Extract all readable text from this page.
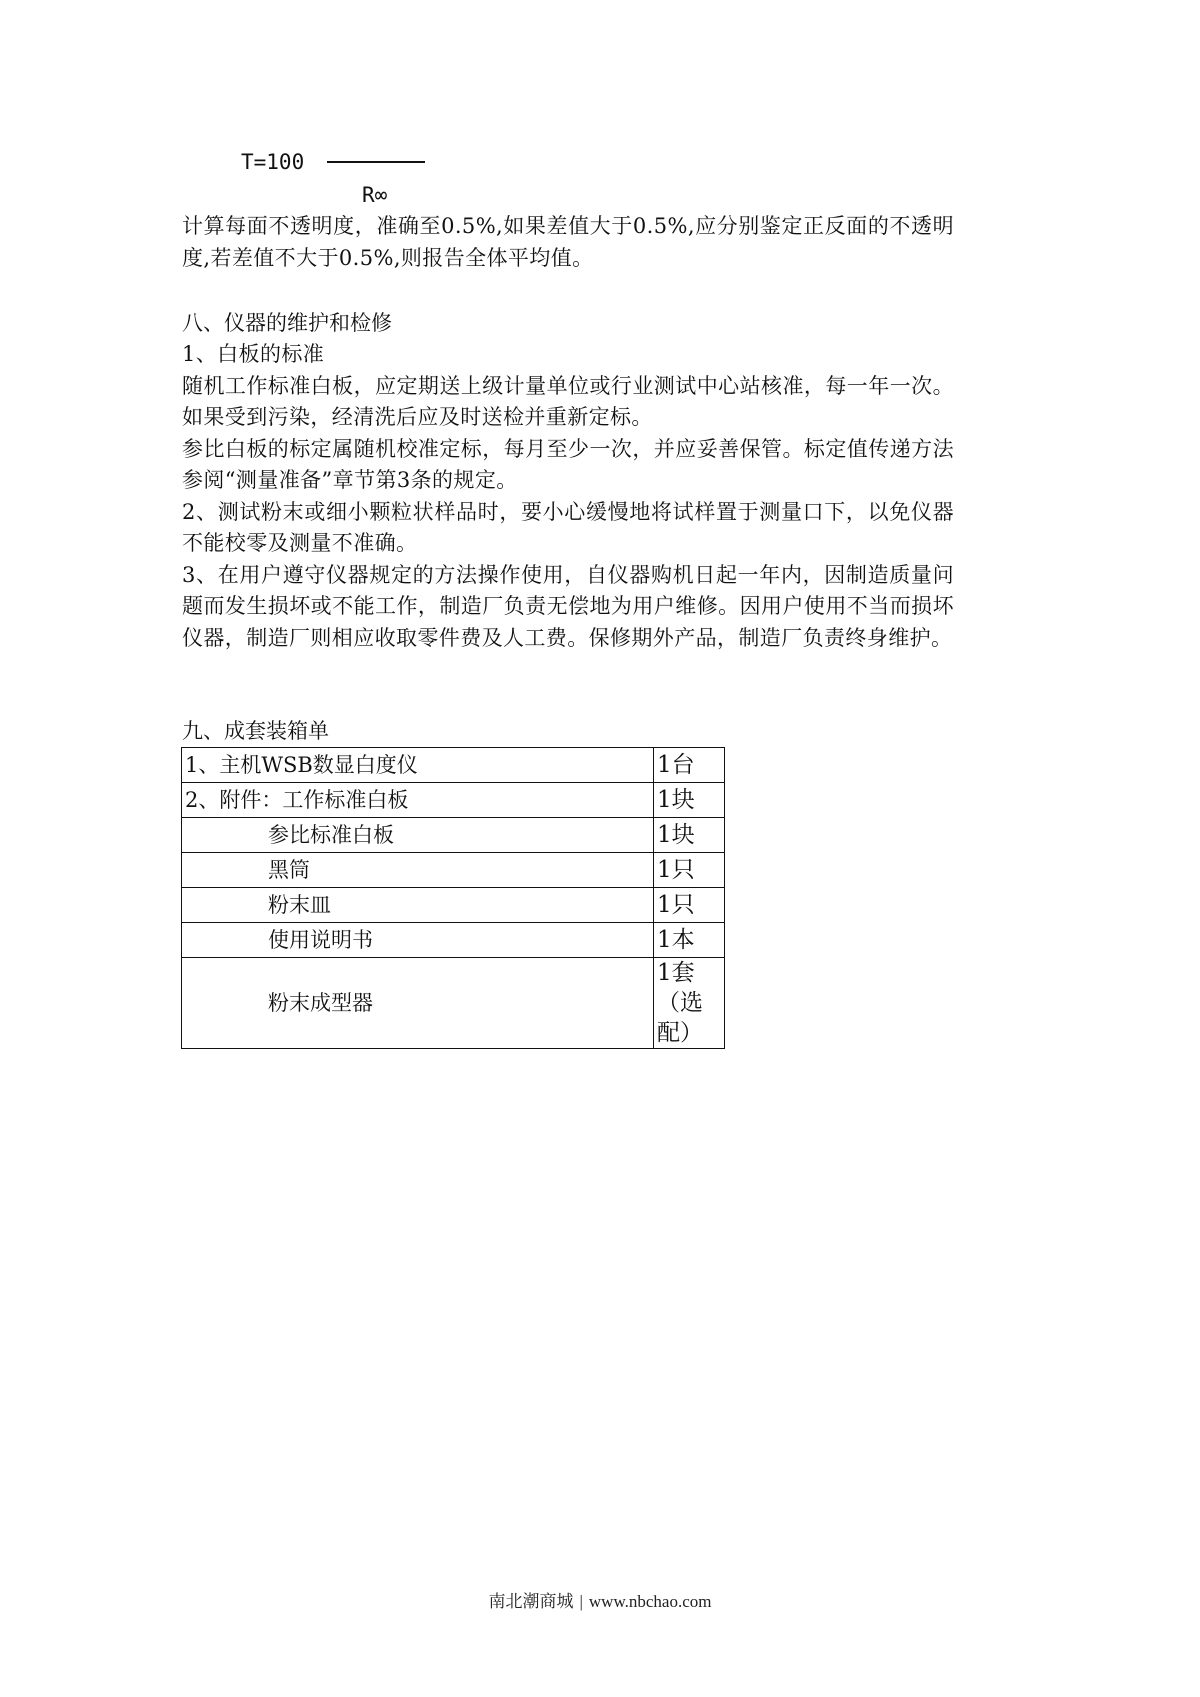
T=100
R∞

计算每面不透明度，准确至0.5%,如果差值大于0.5%,应分别鉴定正反面的不透明度,若差值不大于0.5%,则报告全体平均值。

八、仪器的维护和检修

1、白板的标准

随机工作标准白板，应定期送上级计量单位或行业测试中心站核准，每一年一次。如果受到污染，经清洗后应及时送检并重新定标。

参比白板的标定属随机校准定标，每月至少一次，并应妥善保管。标定值传递方法参阅“测量准备”章节第3条的规定。

2、测试粉末或细小颗粒状样品时，要小心缓慢地将试样置于测量口下，以免仪器不能校零及测量不准确。

3、在用户遵守仪器规定的方法操作使用，自仪器购机日起一年内，因制造质量问题而发生损坏或不能工作，制造厂负责无偿地为用户维修。因用户使用不当而损坏仪器，制造厂则相应收取零件费及人工费。保修期外产品，制造厂负责终身维护。

九、成套装箱单
1、主机WSB数显白度仪	1台
2、附件：工作标准白板	1块
参比标准白板	1块
黑筒	1只
粉末皿	1只
使用说明书	1本
粉末成型器	1套（选配）
南北潮商城 | www.nbchao.com
